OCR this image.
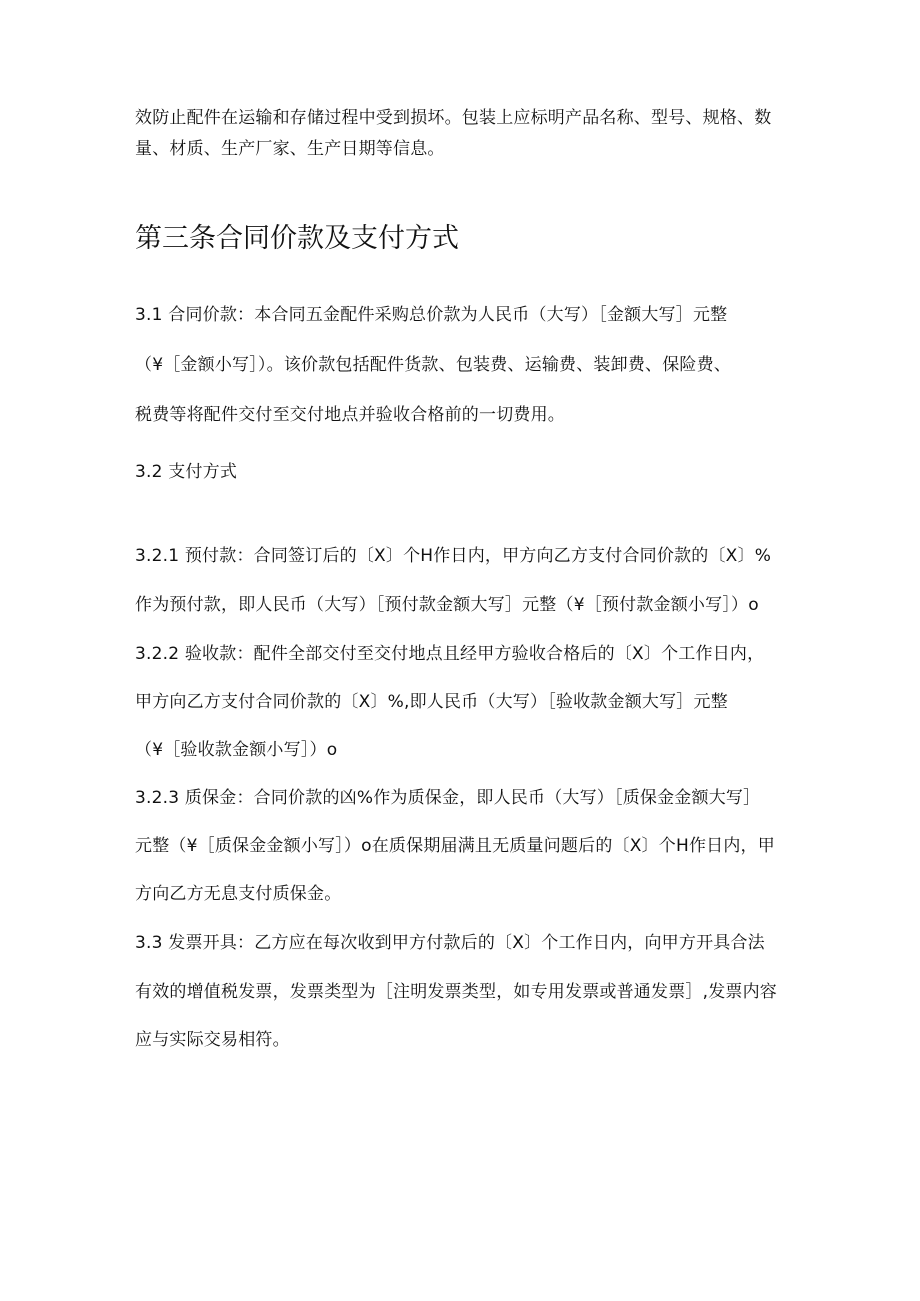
效防止配件在运输和存储过程中受到损坏。包装上应标明产品名称、型号、规格、数

量、材质、生产厂家、生产日期等信息。

第三条合同价款及支付方式

3.1 合同价款：本合同五金配件采购总价款为人民币（大写）［金额大写］元整

（¥［金额小写］）。该价款包括配件货款、包装费、运输费、装卸费、保险费、

税费等将配件交付至交付地点并验收合格前的一切费用。

3.2 支付方式

3.2.1 预付款：合同签订后的〔X〕个H作日内，甲方向乙方支付合同价款的〔X〕%

作为预付款，即人民币（大写）［预付款金额大写］元整（¥［预付款金额小写］）o

3.2.2 验收款：配件全部交付至交付地点且经甲方验收合格后的〔X〕个工作日内，

甲方向乙方支付合同价款的〔X〕%,即人民币（大写）［验收款金额大写］元整

（¥［验收款金额小写］）o

3.2.3 质保金：合同价款的凶%作为质保金，即人民币（大写）［质保金金额大写］

元整（¥［质保金金额小写］）o在质保期届满且无质量问题后的〔X〕个H作日内，甲

方向乙方无息支付质保金。

3.3 发票开具：乙方应在每次收到甲方付款后的〔X〕个工作日内，向甲方开具合法

有效的增值税发票，发票类型为［注明发票类型，如专用发票或普通发票］,发票内容

应与实际交易相符。
